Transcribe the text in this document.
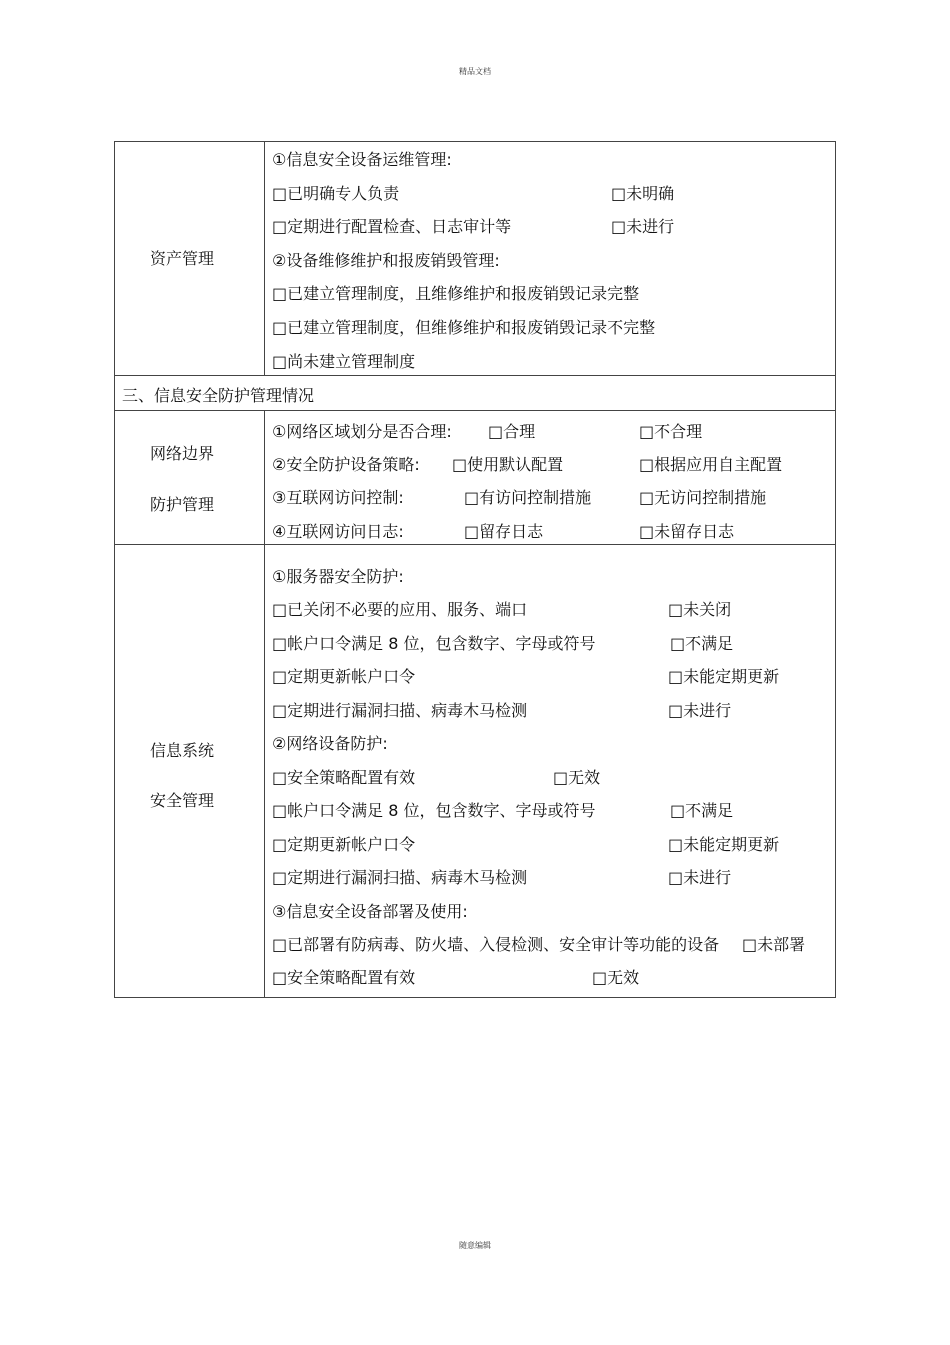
精品文档
资产管理
①信息安全设备运维管理:
□已明确专人负责	□未明确
□定期进行配置检查、日志审计等	□未进行
②设备维修维护和报废销毁管理:
□已建立管理制度，且维修维护和报废销毁记录完整
□已建立管理制度，但维修维护和报废销毁记录不完整
□尚未建立管理制度
三、信息安全防护管理情况
网络边界
防护管理
①网络区域划分是否合理: □合理	□不合理
②安全防护设备策略: □使用默认配置	□根据应用自主配置
③互联网访问控制:	□有访问控制措施	□无访问控制措施
④互联网访问日志:	□留存日志	□未留存日志
信息系统
安全管理
①服务器安全防护:
□已关闭不必要的应用、服务、端口	□未关闭
□帐户口令满足 8 位，包含数字、字母或符号	□不满足
□定期更新帐户口令	□未能定期更新
□定期进行漏洞扫描、病毒木马检测	□未进行
②网络设备防护:
□安全策略配置有效	□无效
□帐户口令满足 8 位，包含数字、字母或符号	□不满足
□定期更新帐户口令	□未能定期更新
□定期进行漏洞扫描、病毒木马检测	□未进行
③信息安全设备部署及使用:
□已部署有防病毒、防火墙、入侵检测、安全审计等功能的设备 □未部署
□安全策略配置有效	□无效
随意编辑
